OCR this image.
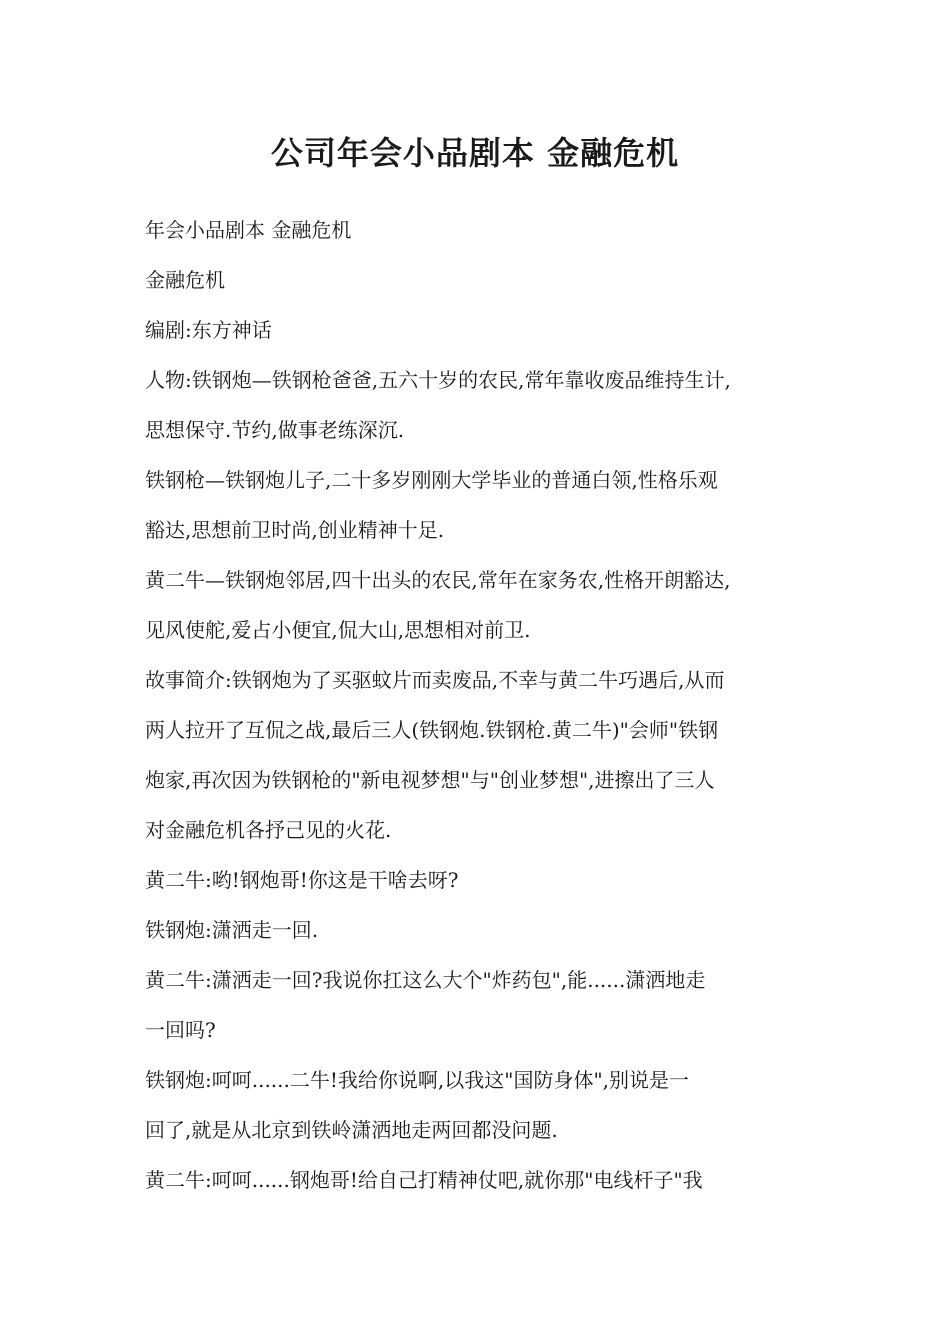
公司年会小品剧本 金融危机

年会小品剧本 金融危机

金融危机

编剧:东方神话

人物:铁钢炮—铁钢枪爸爸,五六十岁的农民,常年靠收废品维持生计,

思想保守.节约,做事老练深沉.

铁钢枪—铁钢炮儿子,二十多岁刚刚大学毕业的普通白领,性格乐观

豁达,思想前卫时尚,创业精神十足.

黄二牛—铁钢炮邻居,四十出头的农民,常年在家务农,性格开朗豁达,

见风使舵,爱占小便宜,侃大山,思想相对前卫.

故事简介:铁钢炮为了买驱蚊片而卖废品,不幸与黄二牛巧遇后,从而

两人拉开了互侃之战,最后三人(铁钢炮.铁钢枪.黄二牛)"会师"铁钢

炮家,再次因为铁钢枪的"新电视梦想"与"创业梦想",进擦出了三人

对金融危机各抒己见的火花.

黄二牛:哟!钢炮哥!你这是干啥去呀?

铁钢炮:潇洒走一回.

黄二牛:潇洒走一回?我说你扛这么大个"炸药包",能......潇洒地走

一回吗?

铁钢炮:呵呵......二牛!我给你说啊,以我这"国防身体",别说是一

回了,就是从北京到铁岭潇洒地走两回都没问题.

黄二牛:呵呵......钢炮哥!给自己打精神仗吧,就你那"电线杆子"我
